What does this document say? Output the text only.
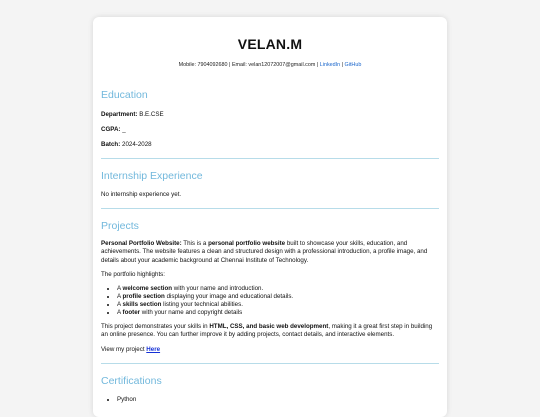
VELAN.M
Mobile: 7904092680 | Email: velan12072007@gmail.com | LinkedIn | GitHub
Education

Department: B.E.CSE

CGPA: _

Batch: 2024-2028

Internship Experience

No internship experience yet.

Projects

Personal Portfolio Website: This is a personal portfolio website built to showcase your skills, education, and achievements. The website features a clean and structured design with a professional introduction, a profile image, and details about your academic background at Chennai Institute of Technology.

The portfolio highlights:

• A welcome section with your name and introduction.
• A profile section displaying your image and educational details.
• A skills section listing your technical abilities.
• A footer with your name and copyright details

This project demonstrates your skills in HTML, CSS, and basic web development, making it a great first step in building an online presence. You can further improve it by adding projects, contact details, and interactive elements.

View my project Here

Certifications
• Python
